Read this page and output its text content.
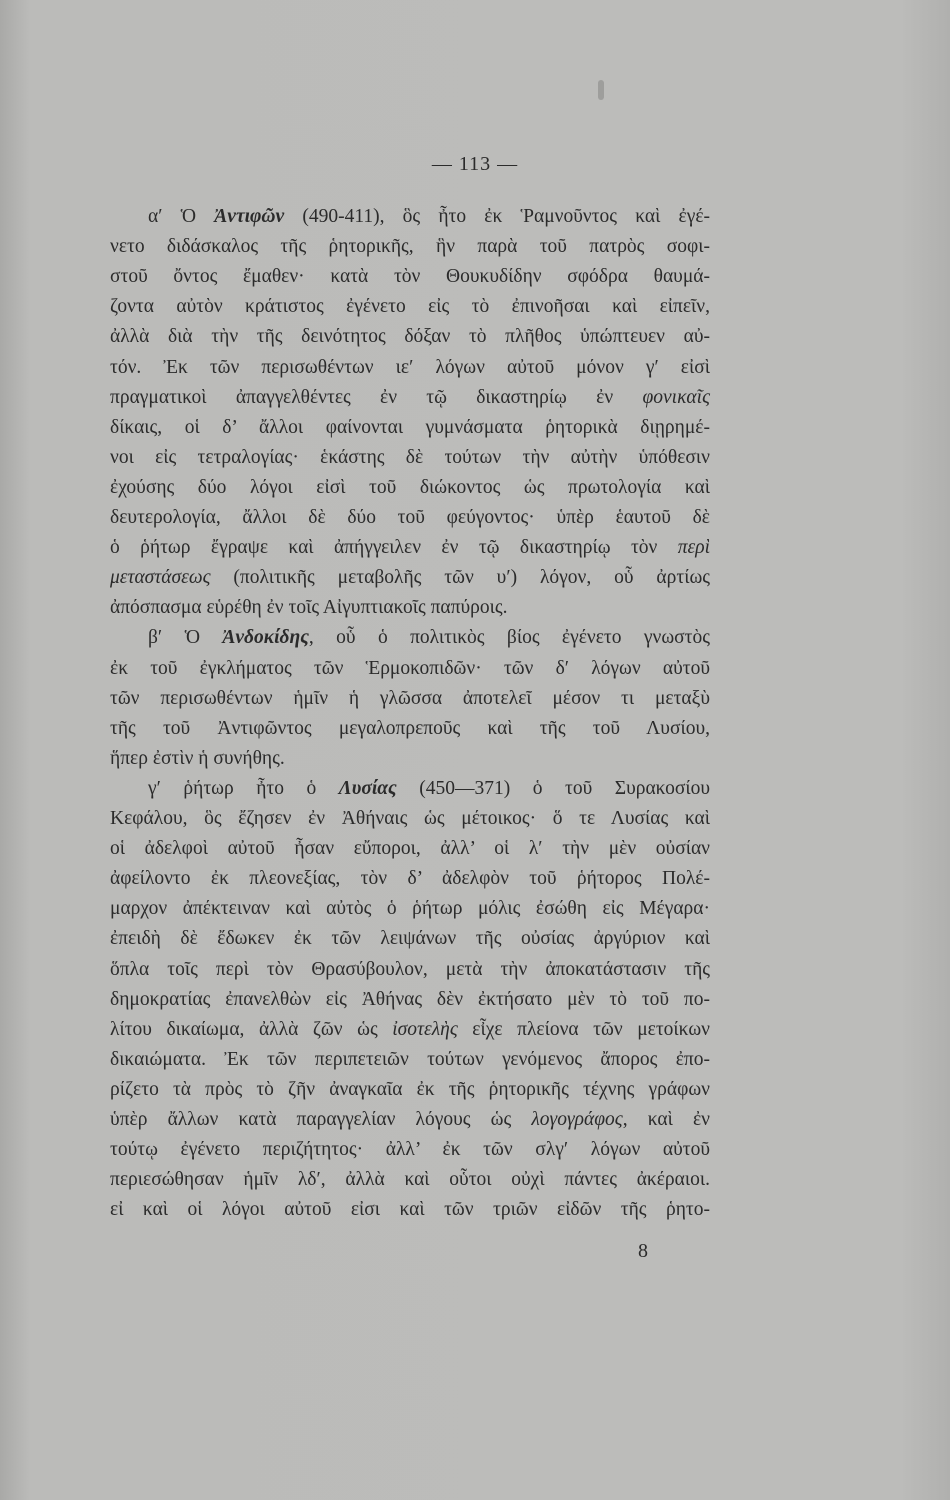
— 113 —
α′ Ὁ Ἀντιφῶν (490-411), ὃς ἦτο ἐκ Ῥαμνοῦντος καὶ ἐγέ-
νετο διδάσκαλος τῆς ῥητορικῆς, ἣν παρὰ τοῦ πατρὸς σοφι-
στοῦ ὄντος ἔμαθεν· κατὰ τὸν Θουκυδίδην σφόδρα θαυμά-
ζοντα αὐτὸν κράτιστος ἐγένετο εἰς τὸ ἐπινοῆσαι καὶ εἰπεῖν,
ἀλλὰ διὰ τὴν τῆς δεινότητος δόξαν τὸ πλῆθος ὑπώπτευεν αὐ-
τόν. Ἐκ τῶν περισωθέντων ιε′ λόγων αὐτοῦ μόνον γ′ εἰσὶ
πραγματικοὶ ἀπαγγελθέντες ἐν τῷ δικαστηρίῳ ἐν φονικαῖς
δίκαις, οἱ δ’ ἄλλοι φαίνονται γυμνάσματα ῥητορικὰ διῃρημέ-
νοι εἰς τετραλογίας· ἑκάστης δὲ τούτων τὴν αὐτὴν ὑπόθεσιν
ἐχούσης δύο λόγοι εἰσὶ τοῦ διώκοντος ὡς πρωτολογία καὶ
δευτερολογία, ἄλλοι δὲ δύο τοῦ φεύγοντος· ὑπὲρ ἑαυτοῦ δὲ
ὁ ῥήτωρ ἔγραψε καὶ ἀπήγγειλεν ἐν τῷ δικαστηρίῳ τὸν περὶ
μεταστάσεως (πολιτικῆς μεταβολῆς τῶν υ′) λόγον, οὗ ἀρτίως
ἀπόσπασμα εὑρέθη ἐν τοῖς Αἰγυπτιακοῖς παπύροις.
β′ Ὁ Ἀνδοκίδης, οὗ ὁ πολιτικὸς βίος ἐγένετο γνωστὸς
ἐκ τοῦ ἐγκλήματος τῶν Ἑρμοκοπιδῶν· τῶν δ′ λόγων αὐτοῦ
τῶν περισωθέντων ἡμῖν ἡ γλῶσσα ἀποτελεῖ μέσον τι μεταξὺ
τῆς τοῦ Ἀντιφῶντος μεγαλοπρεποῦς καὶ τῆς τοῦ Λυσίου,
ἥπερ ἐστὶν ἡ συνήθης.
γ′ ῥήτωρ ἦτο ὁ Λυσίας (450—371) ὁ τοῦ Συρακοσίου
Κεφάλου, ὃς ἔζησεν ἐν Ἀθήναις ὡς μέτοικος· ὅ τε Λυσίας καὶ
οἱ ἀδελφοὶ αὐτοῦ ἦσαν εὔποροι, ἀλλ’ οἱ λ′ τὴν μὲν οὐσίαν
ἀφείλοντο ἐκ πλεονεξίας, τὸν δ’ ἀδελφὸν τοῦ ῥήτορος Πολέ-
μαρχον ἀπέκτειναν καὶ αὐτὸς ὁ ῥήτωρ μόλις ἐσώθη εἰς Μέγαρα·
ἐπειδὴ δὲ ἔδωκεν ἐκ τῶν λειψάνων τῆς οὐσίας ἀργύριον καὶ
ὅπλα τοῖς περὶ τὸν Θρασύβουλον, μετὰ τὴν ἀποκατάστασιν τῆς
δημοκρατίας ἐπανελθὼν εἰς Ἀθήνας δὲν ἐκτήσατο μὲν τὸ τοῦ πο-
λίτου δικαίωμα, ἀλλὰ ζῶν ὡς ἰσοτελὴς εἶχε πλείονα τῶν μετοίκων
δικαιώματα. Ἐκ τῶν περιπετειῶν τούτων γενόμενος ἄπορος ἐπο-
ρίζετο τὰ πρὸς τὸ ζῆν ἀναγκαῖα ἐκ τῆς ῥητορικῆς τέχνης γράφων
ὑπὲρ ἄλλων κατὰ παραγγελίαν λόγους ὡς λογογράφος, καὶ ἐν
τούτῳ ἐγένετο περιζήτητος· ἀλλ’ ἐκ τῶν σλγ′ λόγων αὐτοῦ
περιεσώθησαν ἡμῖν λδ′, ἀλλὰ καὶ οὗτοι οὐχὶ πάντες ἀκέραιοι.
εἰ καὶ οἱ λόγοι αὐτοῦ εἰσι καὶ τῶν τριῶν εἰδῶν τῆς ῥητο-
8
